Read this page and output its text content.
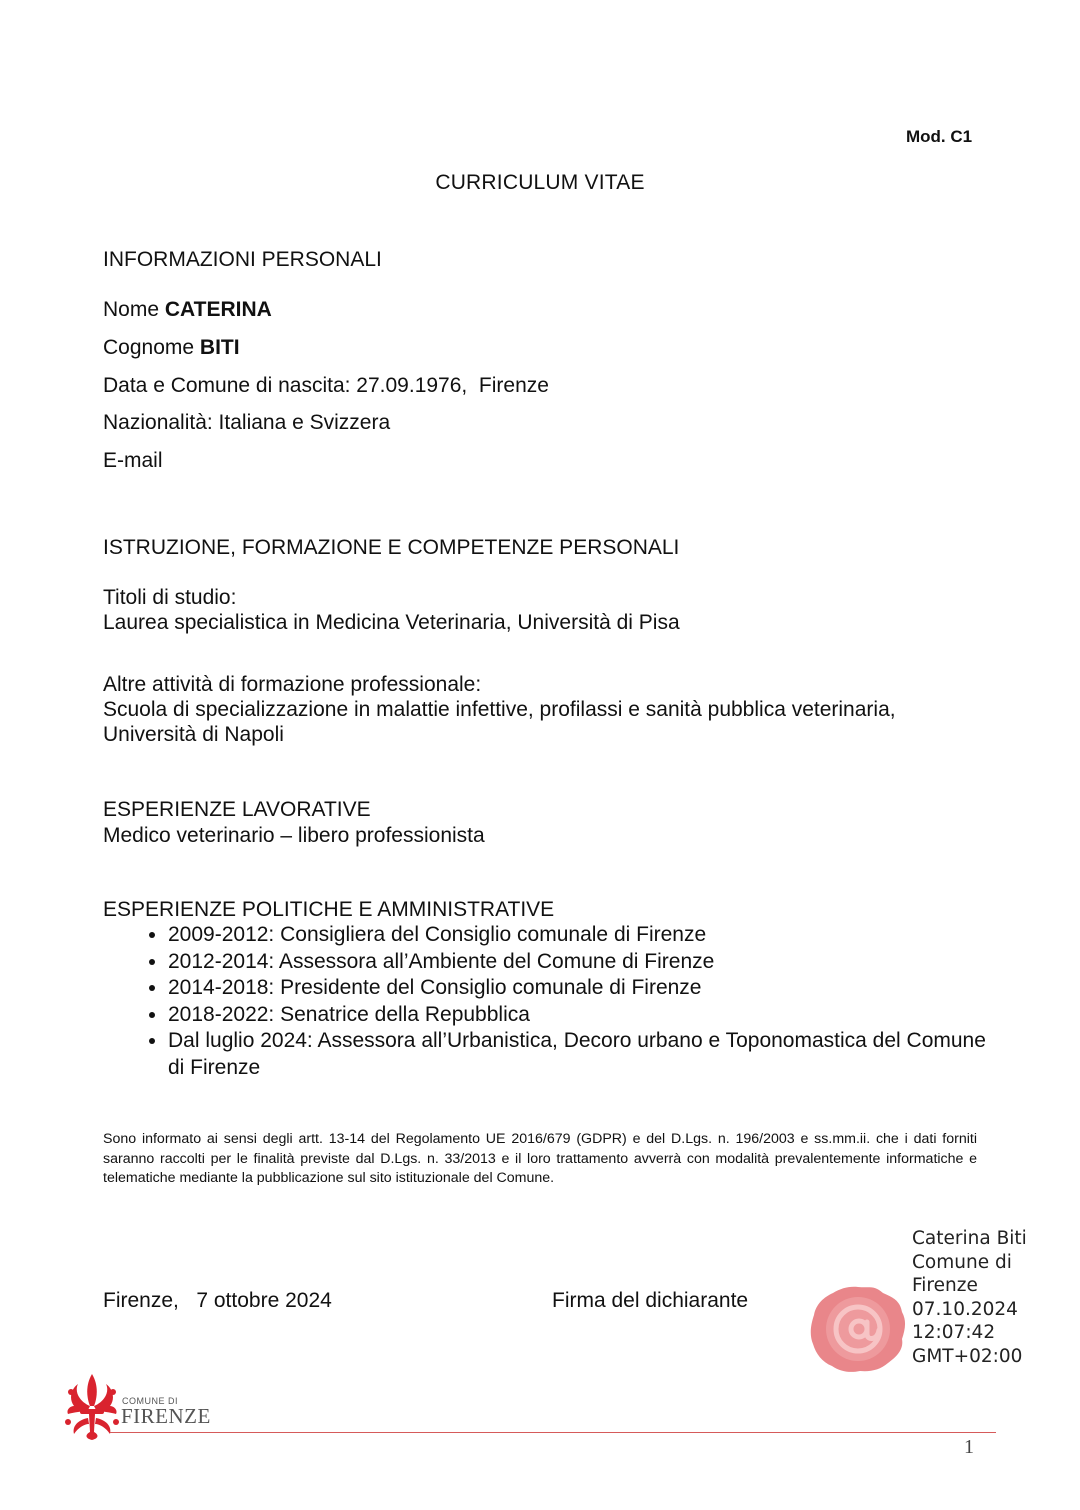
Mod. C1
CURRICULUM VITAE
INFORMAZIONI PERSONALI
Nome CATERINA
Cognome BITI
Data e Comune di nascita: 27.09.1976,  Firenze
Nazionalità: Italiana e Svizzera
E-mail
ISTRUZIONE, FORMAZIONE E COMPETENZE PERSONALI
Titoli di studio:
Laurea specialistica in Medicina Veterinaria, Università di Pisa
Altre attività di formazione professionale:
Scuola di specializzazione in malattie infettive, profilassi e sanità pubblica veterinaria,
Università di Napoli
ESPERIENZE LAVORATIVE
Medico veterinario – libero professionista
ESPERIENZE POLITICHE E AMMINISTRATIVE
• 2009-2012: Consigliera del Consiglio comunale di Firenze
• 2012-2014: Assessora all’Ambiente del Comune di Firenze
• 2014-2018: Presidente del Consiglio comunale di Firenze
• 2018-2022: Senatrice della Repubblica
• Dal luglio 2024: Assessora all’Urbanistica, Decoro urbano e Toponomastica del Comune di Firenze
Sono informato ai sensi degli artt. 13-14 del Regolamento UE 2016/679 (GDPR) e del D.Lgs. n. 196/2003 e ss.mm.ii. che i dati forniti saranno raccolti per le finalità previste dal D.Lgs. n. 33/2013 e il loro trattamento avverrà con modalità prevalentemente informatiche e telematiche mediante la pubblicazione sul sito istituzionale del Comune.
Firenze,   7 ottobre 2024	Firma del dichiarante
Caterina Biti
Comune di
Firenze
07.10.2024
12:07:42
GMT+02:00
COMUNE DI
FIRENZE
1
